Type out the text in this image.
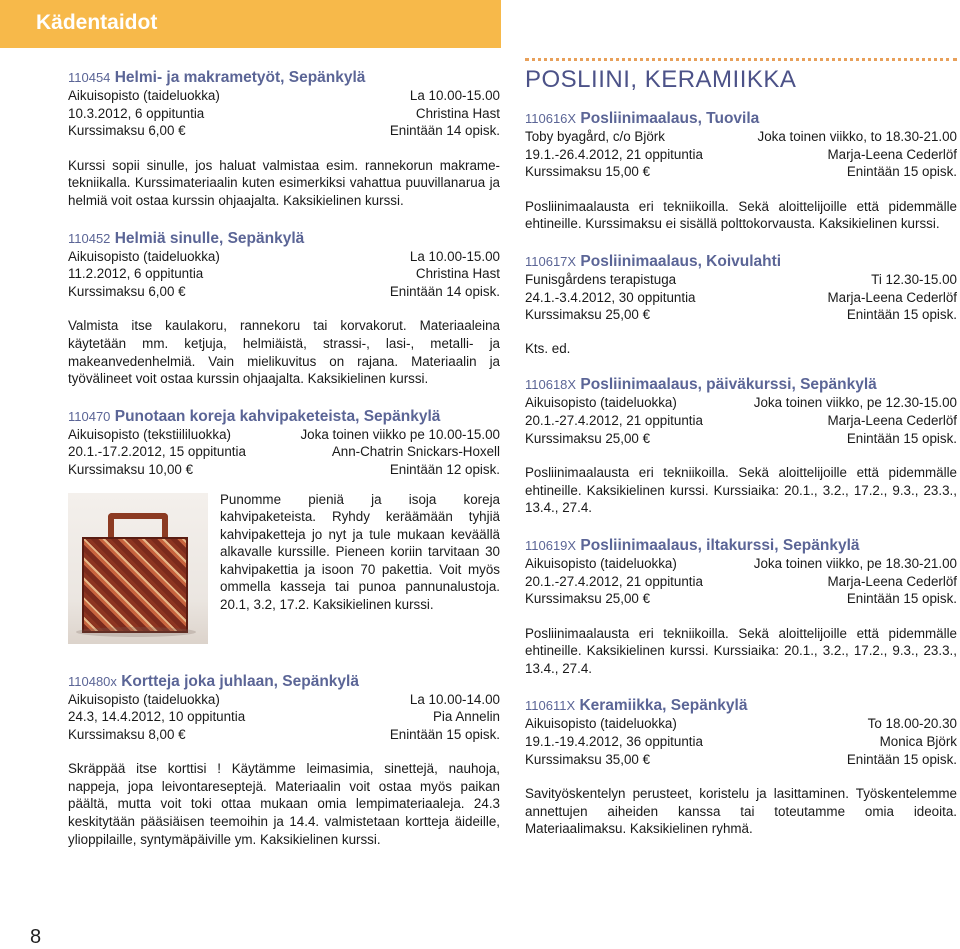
Kädentaidot
110454 Helmi- ja makrametyöt, Sepänkylä
Aikuisopisto (taideluokka)	La 10.00-15.00
10.3.2012, 6 oppituntia	Christina Hast
Kurssimaksu 6,00 €	Enintään 14 opisk.
Kurssi sopii sinulle, jos haluat valmistaa esim. rannekorun makrame-tekniikalla. Kurssimateriaalin kuten esimerkiksi vahattua puuvillanarua ja helmiä voit ostaa kurssin ohjaajalta. Kaksikielinen kurssi.
110452 Helmiä sinulle, Sepänkylä
Aikuisopisto (taideluokka)	La 10.00-15.00
11.2.2012, 6 oppituntia	Christina Hast
Kurssimaksu 6,00 €	Enintään 14 opisk.
Valmista itse kaulakoru, rannekoru tai korvakorut. Materiaaleina käytetään mm. ketjuja, helmiäistä, strassi-, lasi-, metalli- ja makeanvedenhelmiä. Vain mielikuvitus on rajana. Materiaalin ja työvälineet voit ostaa kurssin ohjaajalta. Kaksikielinen kurssi.
110470 Punotaan koreja kahvipaketeista, Sepänkylä
Aikuisopisto (tekstiililuokka)	Joka toinen viikko pe 10.00-15.00
20.1.-17.2.2012, 15 oppituntia	Ann-Chatrin Snickars-Hoxell
Kurssimaksu 10,00 €	Enintään 12 opisk.
Punomme pieniä ja isoja koreja kahvipaketeista. Ryhdy keräämään tyhjiä kahvipaketteja jo nyt ja tule mukaan keväällä alkavalle kurssille. Pieneen koriin tarvitaan 30 kahvipakettia ja isoon 70 pakettia. Voit myös ommella kasseja tai punoa pannunalustoja. 20.1, 3.2, 17.2. Kaksikielinen kurssi.
110480x Kortteja joka juhlaan, Sepänkylä
Aikuisopisto (taideluokka)	La 10.00-14.00
24.3, 14.4.2012, 10 oppituntia	Pia Annelin
Kurssimaksu 8,00 €	Enintään 15 opisk.
Skräppää itse korttisi ! Käytämme leimasimia, sinettejä, nauhoja, nappeja, jopa leivontareseptejä. Materiaalin voit ostaa myös paikan päältä, mutta voit toki ottaa mukaan omia lempimateriaaleja. 24.3 keskitytään pääsiäisen teemoihin ja 14.4. valmistetaan kortteja äideille, ylioppilaille, syntymäpäiville ym. Kaksikielinen kurssi.
8
POSLIINI, KERAMIIKKA
110616X Posliinimaalaus, Tuovila
Toby byagård, c/o Björk	Joka toinen viikko, to 18.30-21.00
19.1.-26.4.2012, 21 oppituntia	Marja-Leena Cederlöf
Kurssimaksu 15,00 €	Enintään 15 opisk.
Posliinimaalausta eri tekniikoilla. Sekä aloittelijoille että pidemmälle ehtineille. Kurssimaksu ei sisällä polttokorvausta. Kaksikielinen kurssi.
110617X Posliinimaalaus, Koivulahti
Funisgårdens terapistuga	Ti 12.30-15.00
24.1.-3.4.2012, 30 oppituntia	Marja-Leena Cederlöf
Kurssimaksu 25,00 €	Enintään 15 opisk.
Kts. ed.
110618X Posliinimaalaus, päiväkurssi, Sepänkylä
Aikuisopisto (taideluokka)	Joka toinen viikko, pe 12.30-15.00
20.1.-27.4.2012, 21 oppituntia	Marja-Leena Cederlöf
Kurssimaksu 25,00 €	Enintään 15 opisk.
Posliinimaalausta eri tekniikoilla. Sekä aloittelijoille että pidemmälle ehtineille. Kaksikielinen kurssi. Kurssiaika: 20.1., 3.2., 17.2., 9.3., 23.3., 13.4., 27.4.
110619X Posliinimaalaus, iltakurssi, Sepänkylä
Aikuisopisto (taideluokka)	Joka toinen viikko, pe 18.30-21.00
20.1.-27.4.2012, 21 oppituntia	Marja-Leena Cederlöf
Kurssimaksu 25,00 €	Enintään 15 opisk.
Posliinimaalausta eri tekniikoilla. Sekä aloittelijoille että pidemmälle ehtineille. Kaksikielinen kurssi. Kurssiaika: 20.1., 3.2., 17.2., 9.3., 23.3., 13.4., 27.4.
110611X Keramiikka, Sepänkylä
Aikuisopisto (taideluokka)	To 18.00-20.30
19.1.-19.4.2012, 36 oppituntia	Monica Björk
Kurssimaksu 35,00 €	Enintään 15 opisk.
Savityöskentelyn perusteet, koristelu ja lasittaminen. Työskentelemme annettujen aiheiden kanssa tai toteutamme omia ideoita. Materiaalimaksu. Kaksikielinen ryhmä.
